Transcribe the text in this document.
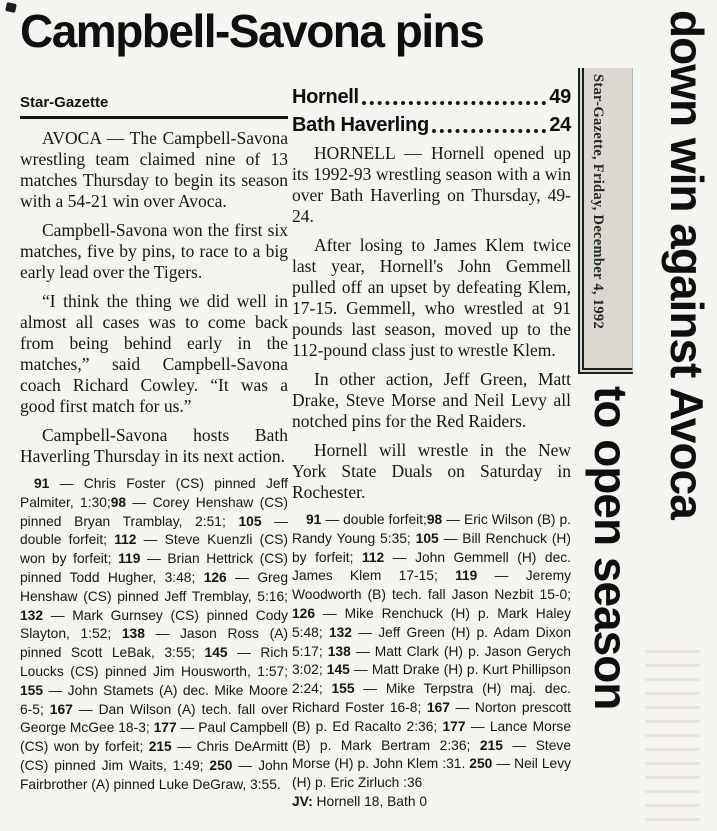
Campbell-Savona pins	down win against Avoca
to open season
Star-Gazette, Friday, December 4, 1992
Star-Gazette

AVOCA — The Campbell-Savona wrestling team claimed nine of 13 matches Thursday to begin its season with a 54-21 win over Avoca.

Campbell-Savona won the first six matches, five by pins, to race to a big early lead over the Tigers.

“I think the thing we did well in almost all cases was to come back from being behind early in the matches,” said Campbell-Savona coach Richard Cowley. “It was a good first match for us.”

Campbell-Savona hosts Bath Haverling Thursday in its next action.

91 — Chris Foster (CS) pinned Jeff Palmiter, 1:30;98 — Corey Henshaw (CS) pinned Bryan Tramblay, 2:51; 105 — double forfeit; 112 — Steve Kuenzli (CS) won by forfeit; 119 — Brian Hettrick (CS) pinned Todd Hugher, 3:48; 126 — Greg Henshaw (CS) pinned Jeff Tremblay, 5:16; 132 — Mark Gurnsey (CS) pinned Cody Slayton, 1:52; 138 — Jason Ross (A) pinned Scott LeBak, 3:55; 145 — Rich Loucks (CS) pinned Jim Housworth, 1:57; 155 — John Stamets (A) dec. Mike Moore 6-5; 167 — Dan Wilson (A) tech. fall over George McGee 18-3; 177 — Paul Campbell (CS) won by forfeit; 215 — Chris DeArmitt (CS) pinned Jim Waits, 1:49; 250 — John Fairbrother (A) pinned Luke DeGraw, 3:55.
Hornell	49
Bath Haverling	24

HORNELL — Hornell opened up its 1992-93 wrestling season with a win over Bath Haverling on Thursday, 49-24.

After losing to James Klem twice last year, Hornell's John Gemmell pulled off an upset by defeating Klem, 17-15. Gemmell, who wrestled at 91 pounds last season, moved up to the 112-pound class just to wrestle Klem.

In other action, Jeff Green, Matt Drake, Steve Morse and Neil Levy all notched pins for the Red Raiders.

Hornell will wrestle in the New York State Duals on Saturday in Rochester.

91 — double forfeit;98 — Eric Wilson (B) p. Randy Young 5:35; 105 — Bill Renchuck (H) by forfeit; 112 — John Gemmell (H) dec. James Klem 17-15; 119 — Jeremy Woodworth (B) tech. fall Jason Nezbit 15-0; 126 — Mike Renchuck (H) p. Mark Haley 5:48; 132 — Jeff Green (H) p. Adam Dixon 5:17; 138 — Matt Clark (H) p. Jason Gerych 3:02; 145 — Matt Drake (H) p. Kurt Phillipson 2:24; 155 — Mike Terpstra (H) maj. dec. Richard Foster 16-8; 167 — Norton prescott (B) p. Ed Racalto 2:36; 177 — Lance Morse (B) p. Mark Bertram 2:36; 215 — Steve Morse (H) p. John Klem :31. 250 — Neil Levy (H) p. Eric Zirluch :36
JV: Hornell 18, Bath 0
